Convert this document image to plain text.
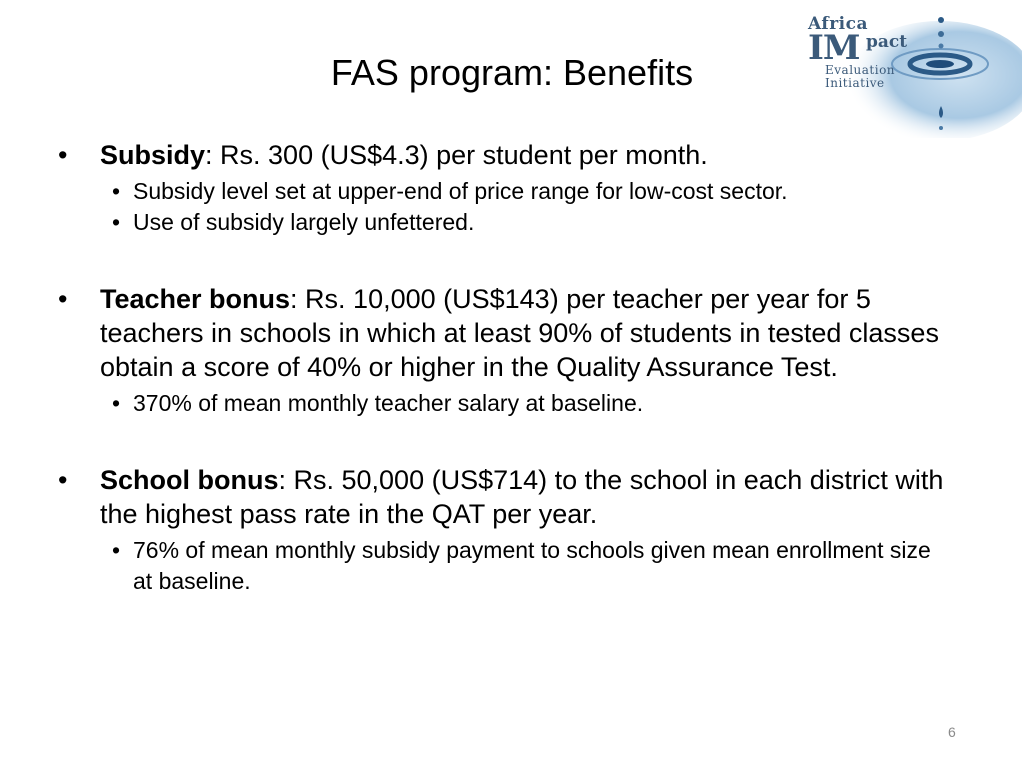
FAS program: Benefits
Africa
IM pact
Evaluation
Initiative
• Subsidy: Rs. 300 (US$4.3) per student per month.
• Subsidy level set at upper-end of price range for low-cost sector.
• Use of subsidy largely unfettered.
• Teacher bonus: Rs. 10,000 (US$143) per teacher per year for 5 teachers in schools in which at least 90% of students in tested classes obtain a score of 40% or higher in the Quality Assurance Test.
• 370% of mean monthly teacher salary at baseline.
• School bonus: Rs. 50,000 (US$714) to the school in each district with the highest pass rate in the QAT per year.
• 76% of mean monthly subsidy payment to schools given mean enrollment size at baseline.
6
